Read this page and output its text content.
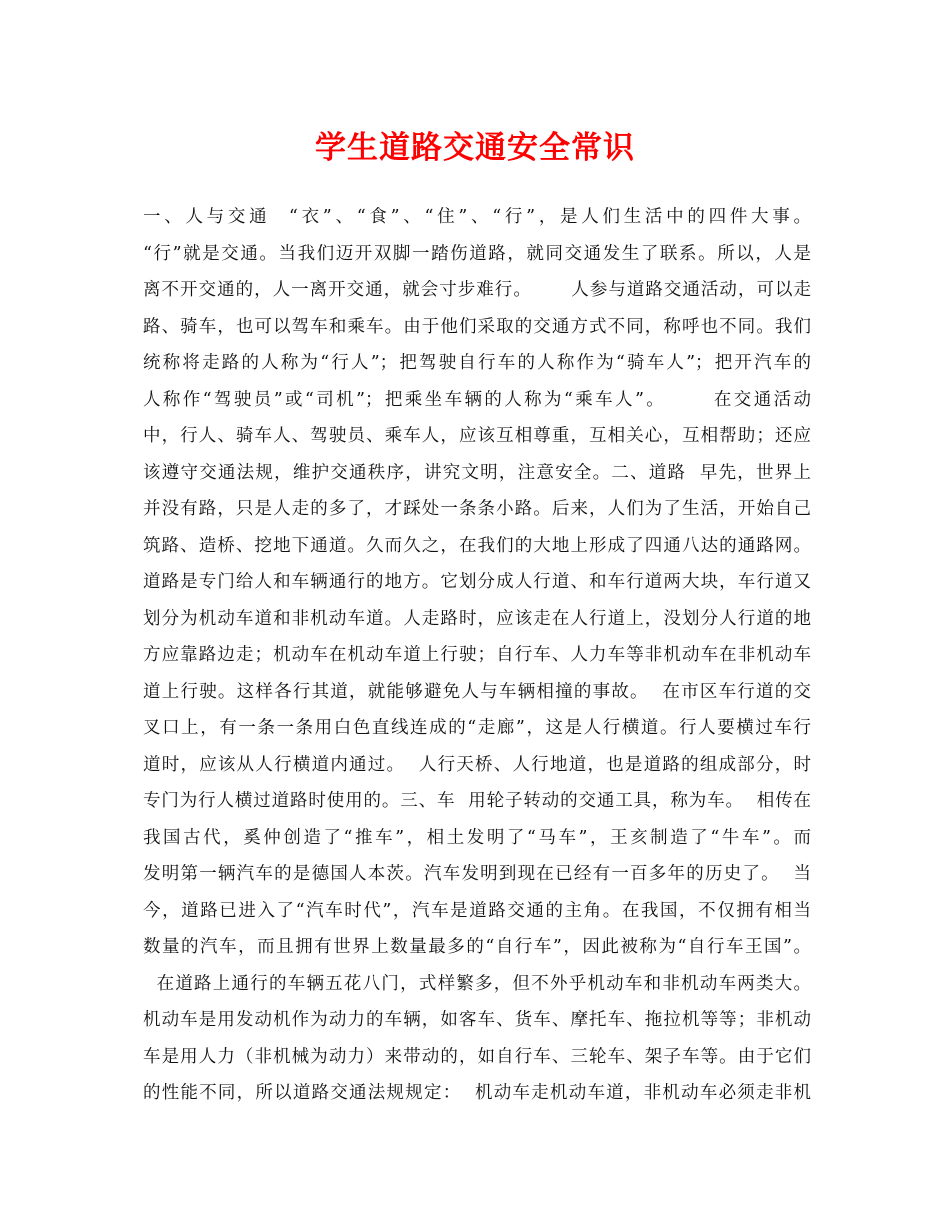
学生道路交通安全常识
一、人与交通  “衣”、“食”、“住”、“行”，是人们生活中的四件大事。
“行”就是交通。当我们迈开双脚一踏伤道路，就同交通发生了联系。所以，人是
离不开交通的，人一离开交通，就会寸步难行。      人参与道路交通活动，可以走
路、骑车，也可以驾车和乘车。由于他们采取的交通方式不同，称呼也不同。我们
统称将走路的人称为“行人”；把驾驶自行车的人称作为“骑车人”；把开汽车的
人称作“驾驶员”或“司机”；把乘坐车辆的人称为“乘车人”。      在交通活动
中，行人、骑车人、驾驶员、乘车人，应该互相尊重，互相关心，互相帮助；还应
该遵守交通法规，维护交通秩序，讲究文明，注意安全。二、道路  早先，世界上
并没有路，只是人走的多了，才踩处一条条小路。后来，人们为了生活，开始自己
筑路、造桥、挖地下通道。久而久之，在我们的大地上形成了四通八达的通路网。
道路是专门给人和车辆通行的地方。它划分成人行道、和车行道两大块，车行道又
划分为机动车道和非机动车道。人走路时，应该走在人行道上，没划分人行道的地
方应靠路边走；机动车在机动车道上行驶；自行车、人力车等非机动车在非机动车
道上行驶。这样各行其道，就能够避免人与车辆相撞的事故。  在市区车行道的交
叉口上，有一条一条用白色直线连成的“走廊”，这是人行横道。行人要横过车行
道时，应该从人行横道内通过。  人行天桥、人行地道，也是道路的组成部分，时
专门为行人横过道路时使用的。三、车  用轮子转动的交通工具，称为车。  相传在
我国古代，奚仲创造了“推车”，相土发明了“马车”，王亥制造了“牛车”。而
发明第一辆汽车的是德国人本茨。汽车发明到现在已经有一百多年的历史了。  当
今，道路已进入了“汽车时代”，汽车是道路交通的主角。在我国，不仅拥有相当
数量的汽车，而且拥有世界上数量最多的“自行车”，因此被称为“自行车王国”。
在道路上通行的车辆五花八门，式样繁多，但不外乎机动车和非机动车两类大。
机动车是用发动机作为动力的车辆，如客车、货车、摩托车、拖拉机等等；非机动
车是用人力（非机械为动力）来带动的，如自行车、三轮车、架子车等。由于它们
的性能不同，所以道路交通法规规定：  机动车走机动车道，非机动车必须走非机
